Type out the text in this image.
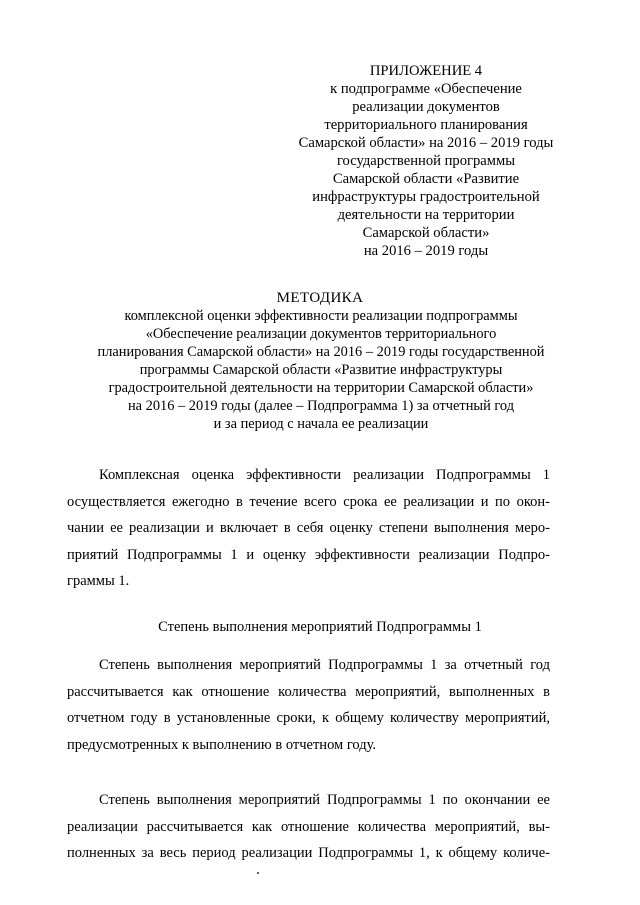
ПРИЛОЖЕНИЕ 4
к подпрограмме «Обеспечение
реализации документов
территориального планирования
Самарской области» на 2016 – 2019 годы
государственной программы
Самарской области «Развитие
инфраструктуры градостроительной
деятельности на территории
Самарской области»
на 2016 – 2019 годы
МЕТОДИКА
комплексной оценки эффективности реализации подпрограммы
«Обеспечение реализации документов территориального
планирования Самарской области» на 2016 – 2019 годы государственной
программы Самарской области «Развитие инфраструктуры
градостроительной деятельности на территории Самарской области»
на 2016 – 2019 годы (далее – Подпрограмма 1) за отчетный год
и за период с начала ее реализации
Комплексная оценка эффективности реализации Подпрограммы 1
осуществляется ежегодно в течение всего срока ее реализации и по окон-
чании ее реализации и включает в себя оценку степени выполнения меро-
приятий Подпрограммы 1 и оценку эффективности реализации Подпро-
граммы 1.
Степень выполнения мероприятий Подпрограммы 1
Степень выполнения мероприятий Подпрограммы 1 за отчетный год
рассчитывается как отношение количества мероприятий, выполненных в
отчетном году в установленные сроки, к общему количеству мероприятий,
предусмотренных к выполнению в отчетном году.
Степень выполнения мероприятий Подпрограммы 1 по окончании ее
реализации рассчитывается как отношение количества мероприятий, вы-
полненных за весь период реализации Подпрограммы 1, к общему количе-
